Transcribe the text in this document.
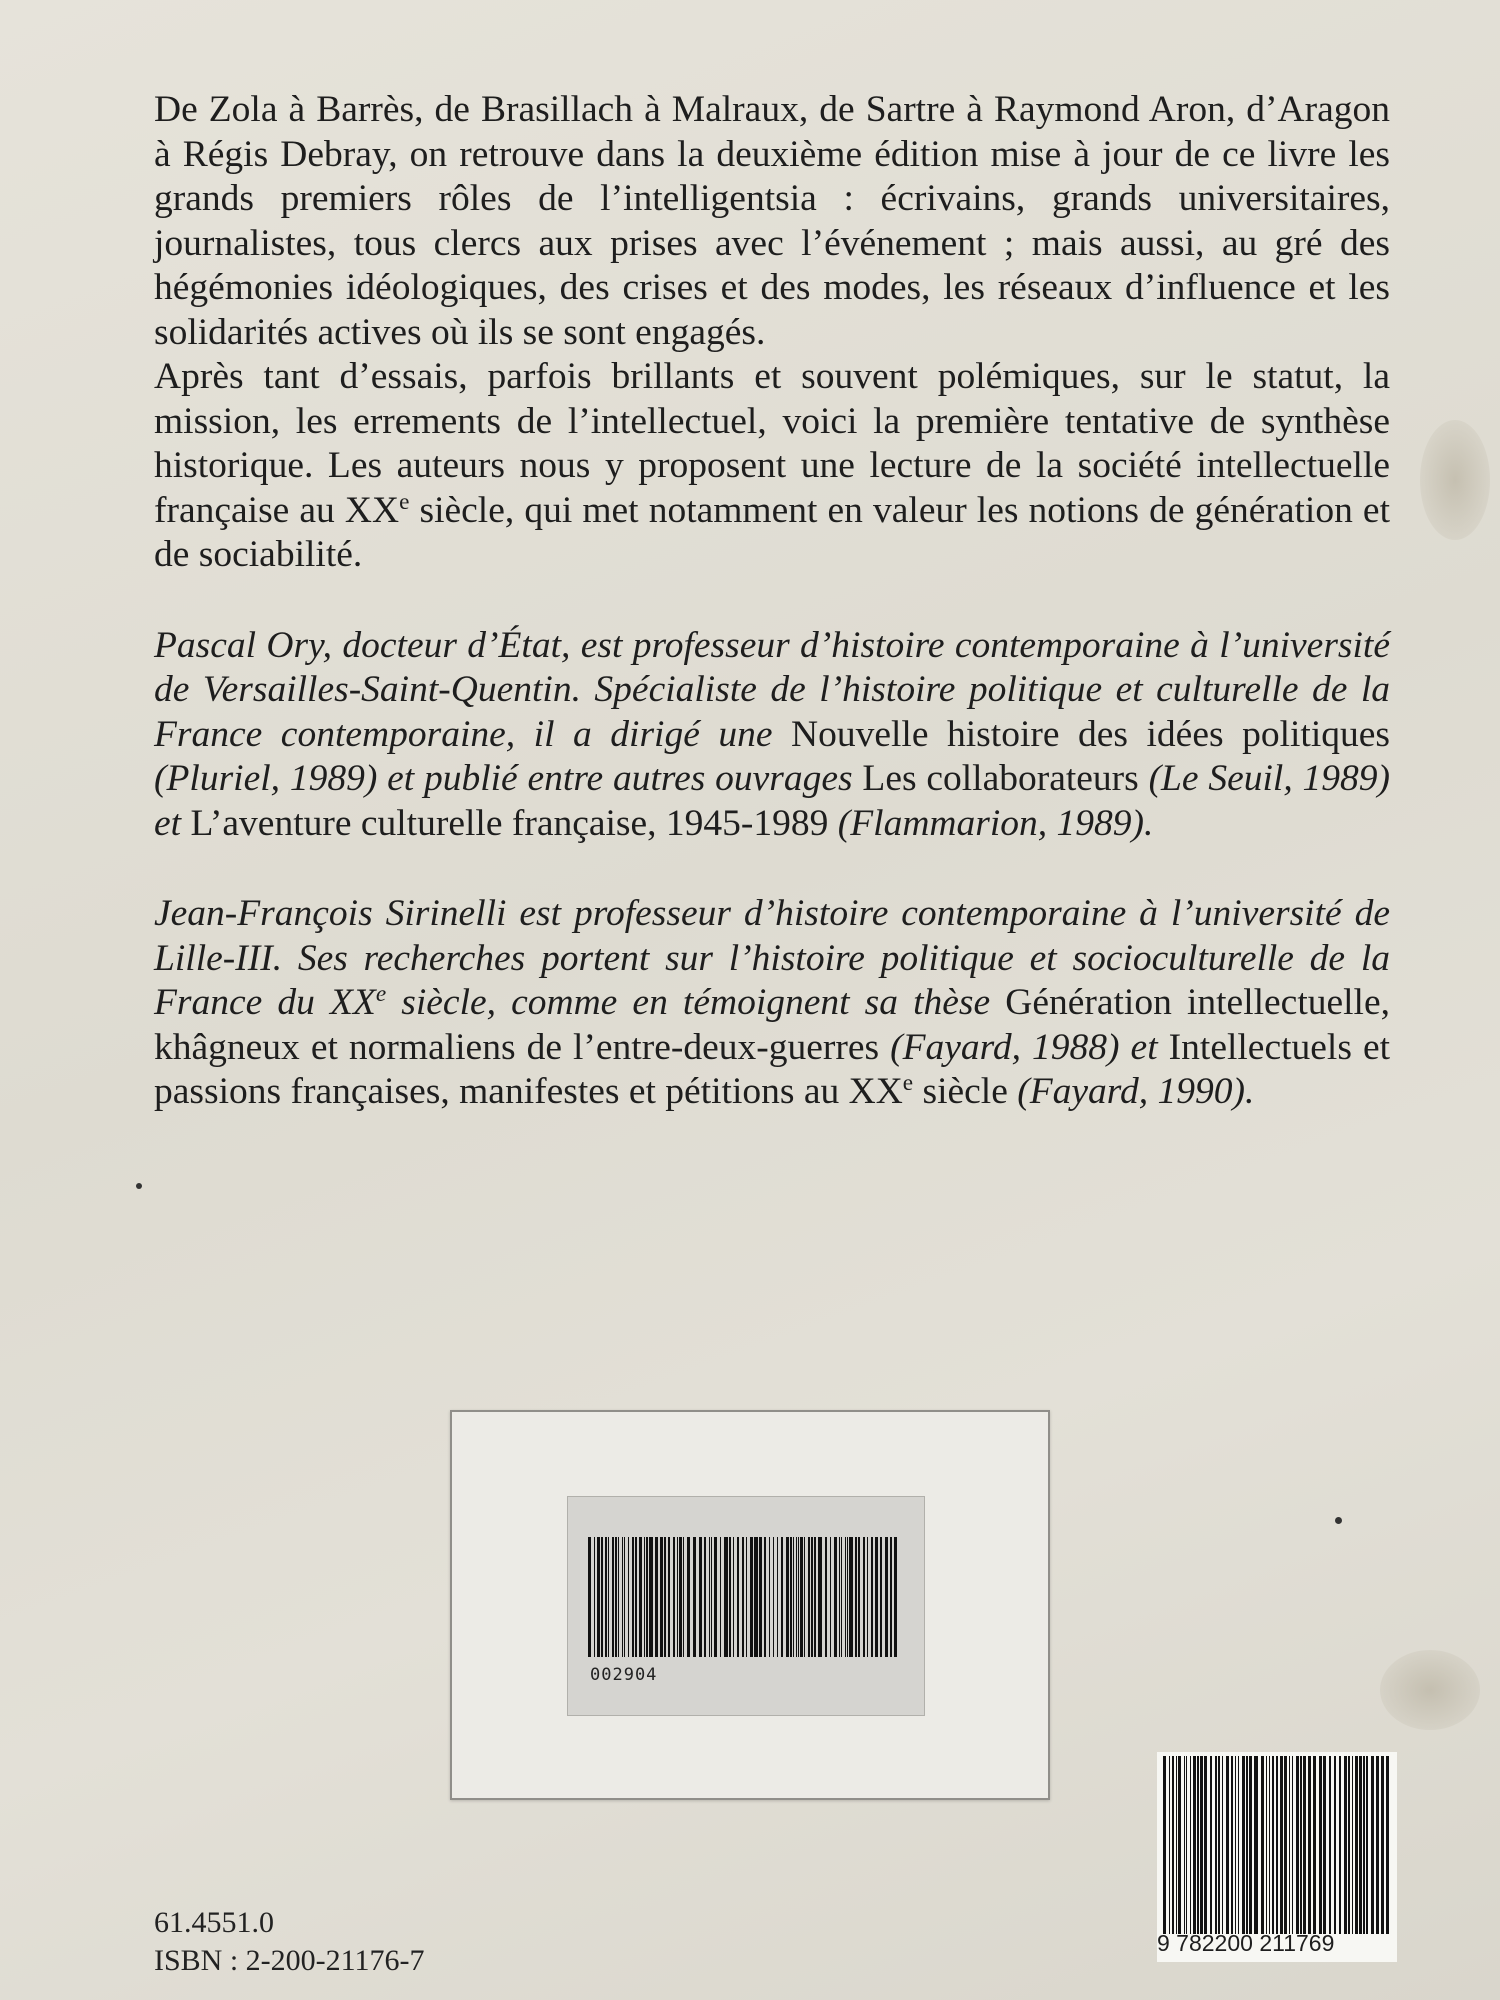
De Zola à Barrès, de Brasillach à Malraux, de Sartre à Raymond Aron, d’Aragon à Régis Debray, on retrouve dans la deuxième édition mise à jour de ce livre les grands premiers rôles de l’intelligentsia : écrivains, grands universitaires, journalistes, tous clercs aux prises avec l’événement ; mais aussi, au gré des hégémonies idéologiques, des crises et des modes, les réseaux d’influence et les solidarités actives où ils se sont engagés.

Après tant d’essais, parfois brillants et souvent polémiques, sur le statut, la mission, les errements de l’intellectuel, voici la première tentative de synthèse historique. Les auteurs nous y proposent une lecture de la société intellectuelle française au XXe siècle, qui met notamment en valeur les notions de génération et de sociabilité.

Pascal Ory, docteur d’État, est professeur d’histoire contemporaine à l’université de Versailles-Saint-Quentin. Spécialiste de l’histoire politique et culturelle de la France contemporaine, il a dirigé une Nouvelle histoire des idées politiques (Pluriel, 1989) et publié entre autres ouvrages Les collaborateurs (Le Seuil, 1989) et L’aventure culturelle française, 1945-1989 (Flammarion, 1989).

Jean-François Sirinelli est professeur d’histoire contemporaine à l’université de Lille-III. Ses recherches portent sur l’histoire politique et socioculturelle de la France du XXe siècle, comme en témoignent sa thèse Génération intellectuelle, khâgneux et normaliens de l’entre-deux-guerres (Fayard, 1988) et Intellectuels et passions françaises, manifestes et pétitions au XXe siècle (Fayard, 1990).

002904
9 782200 211769
61.4551.0
ISBN : 2-200-21176-7
